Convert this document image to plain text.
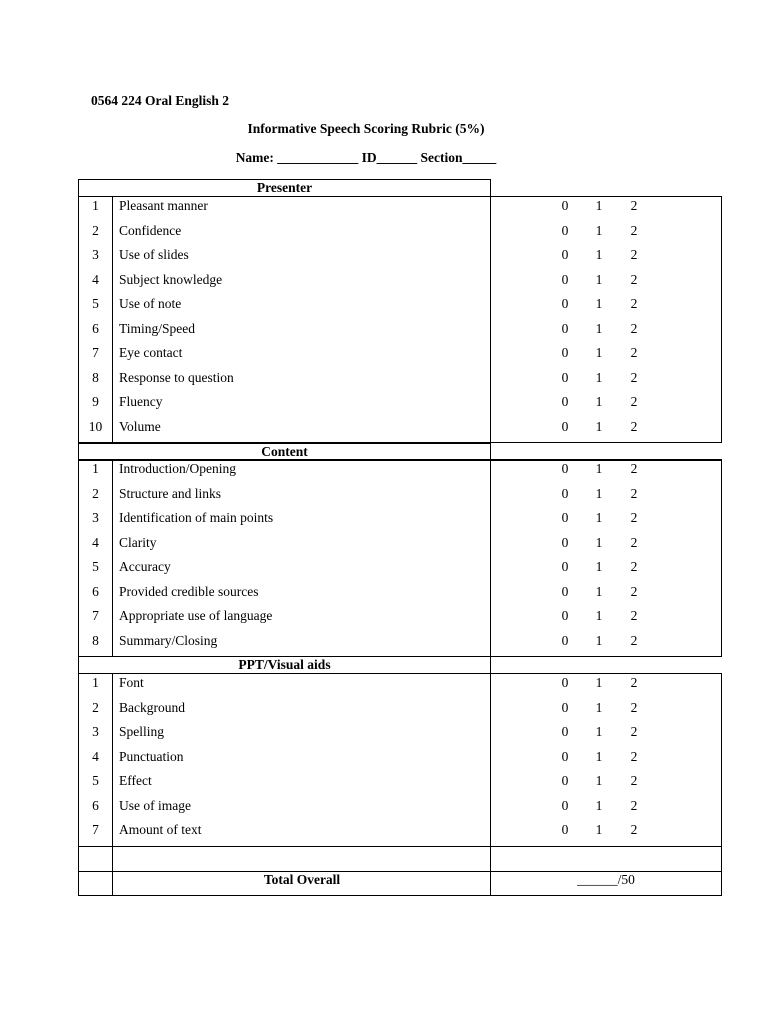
0564 224 Oral English 2
Informative Speech Scoring Rubric (5%)
Name: ____________ ID______ Section_____
Presenter
1	Pleasant manner	0 1 2
2	Confidence	0 1 2
3	Use of slides	0 1 2
4	Subject knowledge	0 1 2
5	Use of note	0 1 2
6	Timing/Speed	0 1 2
7	Eye contact	0 1 2
8	Response to question	0 1 2
9	Fluency	0 1 2
10	Volume	0 1 2
Content
1	Introduction/Opening	0 1 2
2	Structure and links	0 1 2
3	Identification of main points	0 1 2
4	Clarity	0 1 2
5	Accuracy	0 1 2
6	Provided credible sources	0 1 2
7	Appropriate use of language	0 1 2
8	Summary/Closing	0 1 2
PPT/Visual aids
1	Font	0 1 2
2	Background	0 1 2
3	Spelling	0 1 2
4	Punctuation	0 1 2
5	Effect	0 1 2
6	Use of image	0 1 2
7	Amount of text	0 1 2
Total Overall	______/50
